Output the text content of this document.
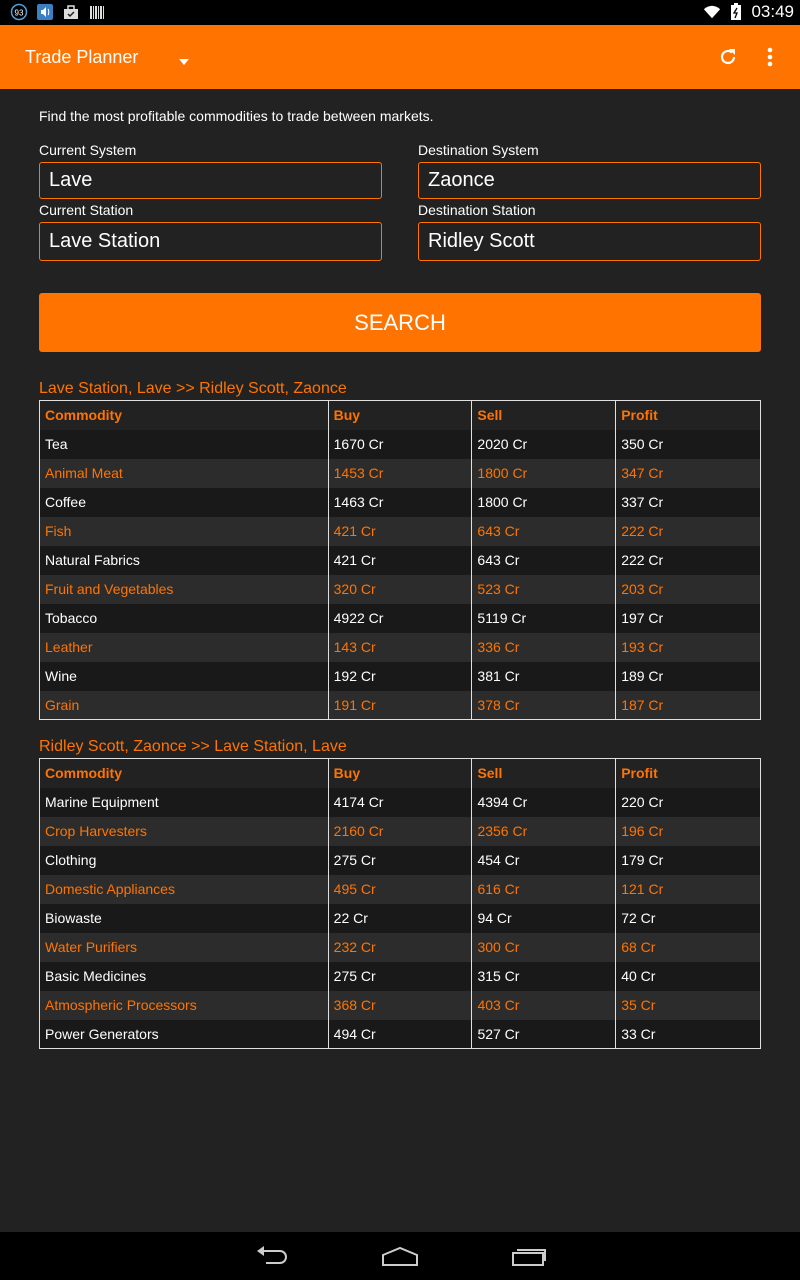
93	03:49
Trade Planner
Find the most profitable commodities to trade between markets.
Current System
Lave	Destination System
Zaonce
Current Station
Lave Station	Destination Station
Ridley Scott
SEARCH
Lave Station, Lave >> Ridley Scott, Zaonce
Commodity	Buy	Sell	Profit
Tea	1670 Cr	2020 Cr	350 Cr
Animal Meat	1453 Cr	1800 Cr	347 Cr
Coffee	1463 Cr	1800 Cr	337 Cr
Fish	421 Cr	643 Cr	222 Cr
Natural Fabrics	421 Cr	643 Cr	222 Cr
Fruit and Vegetables	320 Cr	523 Cr	203 Cr
Tobacco	4922 Cr	5119 Cr	197 Cr
Leather	143 Cr	336 Cr	193 Cr
Wine	192 Cr	381 Cr	189 Cr
Grain	191 Cr	378 Cr	187 Cr
Ridley Scott, Zaonce >> Lave Station, Lave
Commodity	Buy	Sell	Profit
Marine Equipment	4174 Cr	4394 Cr	220 Cr
Crop Harvesters	2160 Cr	2356 Cr	196 Cr
Clothing	275 Cr	454 Cr	179 Cr
Domestic Appliances	495 Cr	616 Cr	121 Cr
Biowaste	22 Cr	94 Cr	72 Cr
Water Purifiers	232 Cr	300 Cr	68 Cr
Basic Medicines	275 Cr	315 Cr	40 Cr
Atmospheric Processors	368 Cr	403 Cr	35 Cr
Power Generators	494 Cr	527 Cr	33 Cr
